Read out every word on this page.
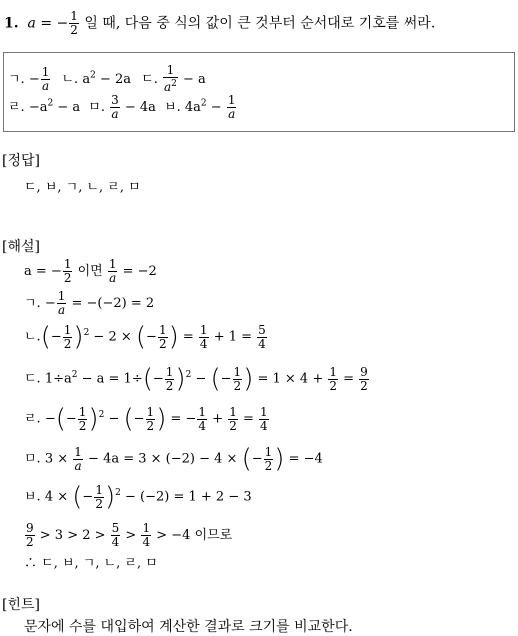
1. a = − $\frac{1}{2}$ 일 때, 다음 중 식의 값이 큰 것부터 순서대로 기호를 써라.
ㄱ. − $\frac{1}{a}$ ㄴ. $a^2 - 2a$ ㄷ. $\frac{1}{a^2} - a$
ㄹ. $-a^2 - a$ ㅁ. $\frac{3}{a} - 4a$ ㅂ. $4a^2 - \frac{1}{a}$
[정답]
ㄷ, ㅂ, ㄱ, ㄴ, ㄹ, ㅁ
[해설]
a = − $\frac{1}{2}$ 이면 $\frac{1}{a} = -2$
ㄱ. − $\frac{1}{a} = -(-2) = 2$
ㄴ.(− $\frac{1}{2} )^2 - 2$ × (− $\frac{1}{2}$ ) = $\frac{1}{4} + 1 = \frac{5}{4}$
ㄷ. $1\div a^2 - a = 1\div(- \frac{1}{2} )^2$ − (− $\frac{1}{2}$ ) = $1 \times 4 + \frac{1}{2} = \frac{9}{2}$
ㄹ. −(− $\frac{1}{2} )^2$ − (− $\frac{1}{2}$ ) = − $\frac{1}{4} + \frac{1}{2} = \frac{1}{4}$
ㅁ. $3 \times \frac{1}{a} - 4a = 3 \times (-2) - 4$ × (− $\frac{1}{2}$ ) = −4
ㅂ. 4 × (− $\frac{1}{2} )^2 - (-2) = 1 + 2 - 3$
$\frac{9}{2} > 3 > 2 > \frac{5}{4} > \frac{1}{4} > -4$ 이므로
∴ ㄷ, ㅂ, ㄱ, ㄴ, ㄹ, ㅁ
[힌트]
문자에 수를 대입하여 계산한 결과로 크기를 비교한다.
